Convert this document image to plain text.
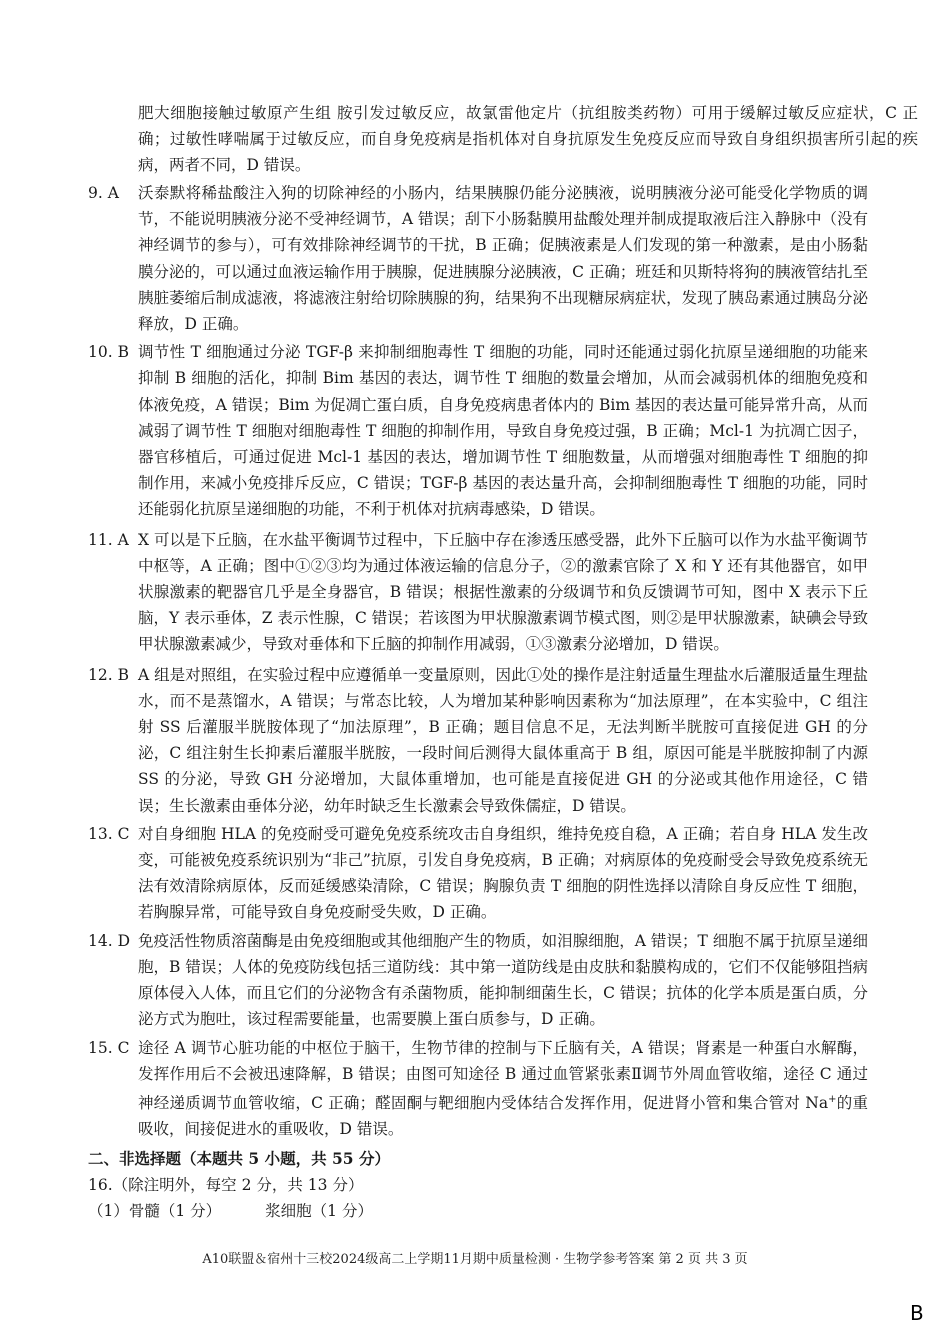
肥大细胞接触过敏原产生组 胺引发过敏反应，故氯雷他定片（抗组胺类药物）可用于缓解过敏反应症状，C 正确；过敏性哮喘属于过敏反应，而自身免疫病是指机体对自身抗原发生免疫反应而导致自身组织损害所引起的疾病，两者不同，D 错误。
9. A	沃泰默将稀盐酸注入狗的切除神经的小肠内，结果胰腺仍能分泌胰液，说明胰液分泌可能受化学物质的调节，不能说明胰液分泌不受神经调节，A 错误；刮下小肠黏膜用盐酸处理并制成提取液后注入静脉中（没有神经调节的参与），可有效排除神经调节的干扰，B 正确；促胰液素是人们发现的第一种激素，是由小肠黏膜分泌的，可以通过血液运输作用于胰腺，促进胰腺分泌胰液，C 正确；班廷和贝斯特将狗的胰液管结扎至胰脏萎缩后制成滤液，将滤液注射给切除胰腺的狗，结果狗不出现糖尿病症状，发现了胰岛素通过胰岛分泌释放，D 正确。
10. B 调节性 T 细胞通过分泌 TGF-β 来抑制细胞毒性 T 细胞的功能，同时还能通过弱化抗原呈递细胞的功能来抑制 B 细胞的活化，抑制 Bim 基因的表达，调节性 T 细胞的数量会增加，从而会减弱机体的细胞免疫和体液免疫，A 错误；Bim 为促凋亡蛋白质，自身免疫病患者体内的 Bim 基因的表达量可能异常升高，从而减弱了调节性 T 细胞对细胞毒性 T 细胞的抑制作用，导致自身免疫过强，B 正确；Mcl-1 为抗凋亡因子，器官移植后，可通过促进 Mcl-1 基因的表达，增加调节性 T 细胞数量，从而增强对细胞毒性 T 细胞的抑制作用，来减小免疫排斥反应，C 错误；TGF-β 基因的表达量升高，会抑制细胞毒性 T 细胞的功能，同时还能弱化抗原呈递细胞的功能，不利于机体对抗病毒感染，D 错误。
11. A X 可以是下丘脑，在水盐平衡调节过程中，下丘脑中存在渗透压感受器，此外下丘脑可以作为水盐平衡调节中枢等，A 正确；图中①②③均为通过体液运输的信息分子，②的激素官除了 X 和 Y 还有其他器官，如甲状腺激素的靶器官几乎是全身器官，B 错误；根据性激素的分级调节和负反馈调节可知，图中 X 表示下丘脑，Y 表示垂体，Z 表示性腺，C 错误；若该图为甲状腺激素调节模式图，则②是甲状腺激素，缺碘会导致甲状腺激素减少，导致对垂体和下丘脑的抑制作用减弱，①③激素分泌增加，D 错误。
12. B A 组是对照组，在实验过程中应遵循单一变量原则，因此①处的操作是注射适量生理盐水后灌服适量生理盐水，而不是蒸馏水，A 错误；与常态比较，人为增加某种影响因素称为“加法原理”，在本实验中，C 组注射 SS 后灌服半胱胺体现了“加法原理”，B 正确；题目信息不足，无法判断半胱胺可直接促进 GH 的分泌，C 组注射生长抑素后灌服半胱胺，一段时间后测得大鼠体重高于 B 组，原因可能是半胱胺抑制了内源 SS 的分泌，导致 GH 分泌增加，大鼠体重增加，也可能是直接促进 GH 的分泌或其他作用途径，C 错误；生长激素由垂体分泌，幼年时缺乏生长激素会导致侏儒症，D 错误。
13. C 对自身细胞 HLA 的免疫耐受可避免免疫系统攻击自身组织，维持免疫自稳，A 正确；若自身 HLA 发生改变，可能被免疫系统识别为“非己”抗原，引发自身免疫病，B 正确；对病原体的免疫耐受会导致免疫系统无法有效清除病原体，反而延缓感染清除，C 错误；胸腺负责 T 细胞的阴性选择以清除自身反应性 T 细胞，若胸腺异常，可能导致自身免疫耐受失败，D 正确。
14. D 免疫活性物质溶菌酶是由免疫细胞或其他细胞产生的物质，如泪腺细胞，A 错误；T 细胞不属于抗原呈递细胞，B 错误；人体的免疫防线包括三道防线：其中第一道防线是由皮肤和黏膜构成的，它们不仅能够阻挡病原体侵入人体，而且它们的分泌物含有杀菌物质，能抑制细菌生长，C 错误；抗体的化学本质是蛋白质，分泌方式为胞吐，该过程需要能量，也需要膜上蛋白质参与，D 正确。
15. C 途径 A 调节心脏功能的中枢位于脑干，生物节律的控制与下丘脑有关，A 错误；肾素是一种蛋白水解酶，发挥作用后不会被迅速降解，B 错误；由图可知途径 B 通过血管紧张素Ⅱ调节外周血管收缩，途径 C 通过神经递质调节血管收缩，C 正确；醛固酮与靶细胞内受体结合发挥作用，促进肾小管和集合管对 Na+的重吸收，间接促进水的重吸收，D 错误。
二、非选择题（本题共 5 小题，共 55 分）
16.（除注明外，每空 2 分，共 13 分）
（1）骨髓（1 分）	浆细胞（1 分）
A10联盟＆宿州十三校2024级高二上学期11月期中质量检测 · 生物学参考答案 第 2 页 共 3 页
B
